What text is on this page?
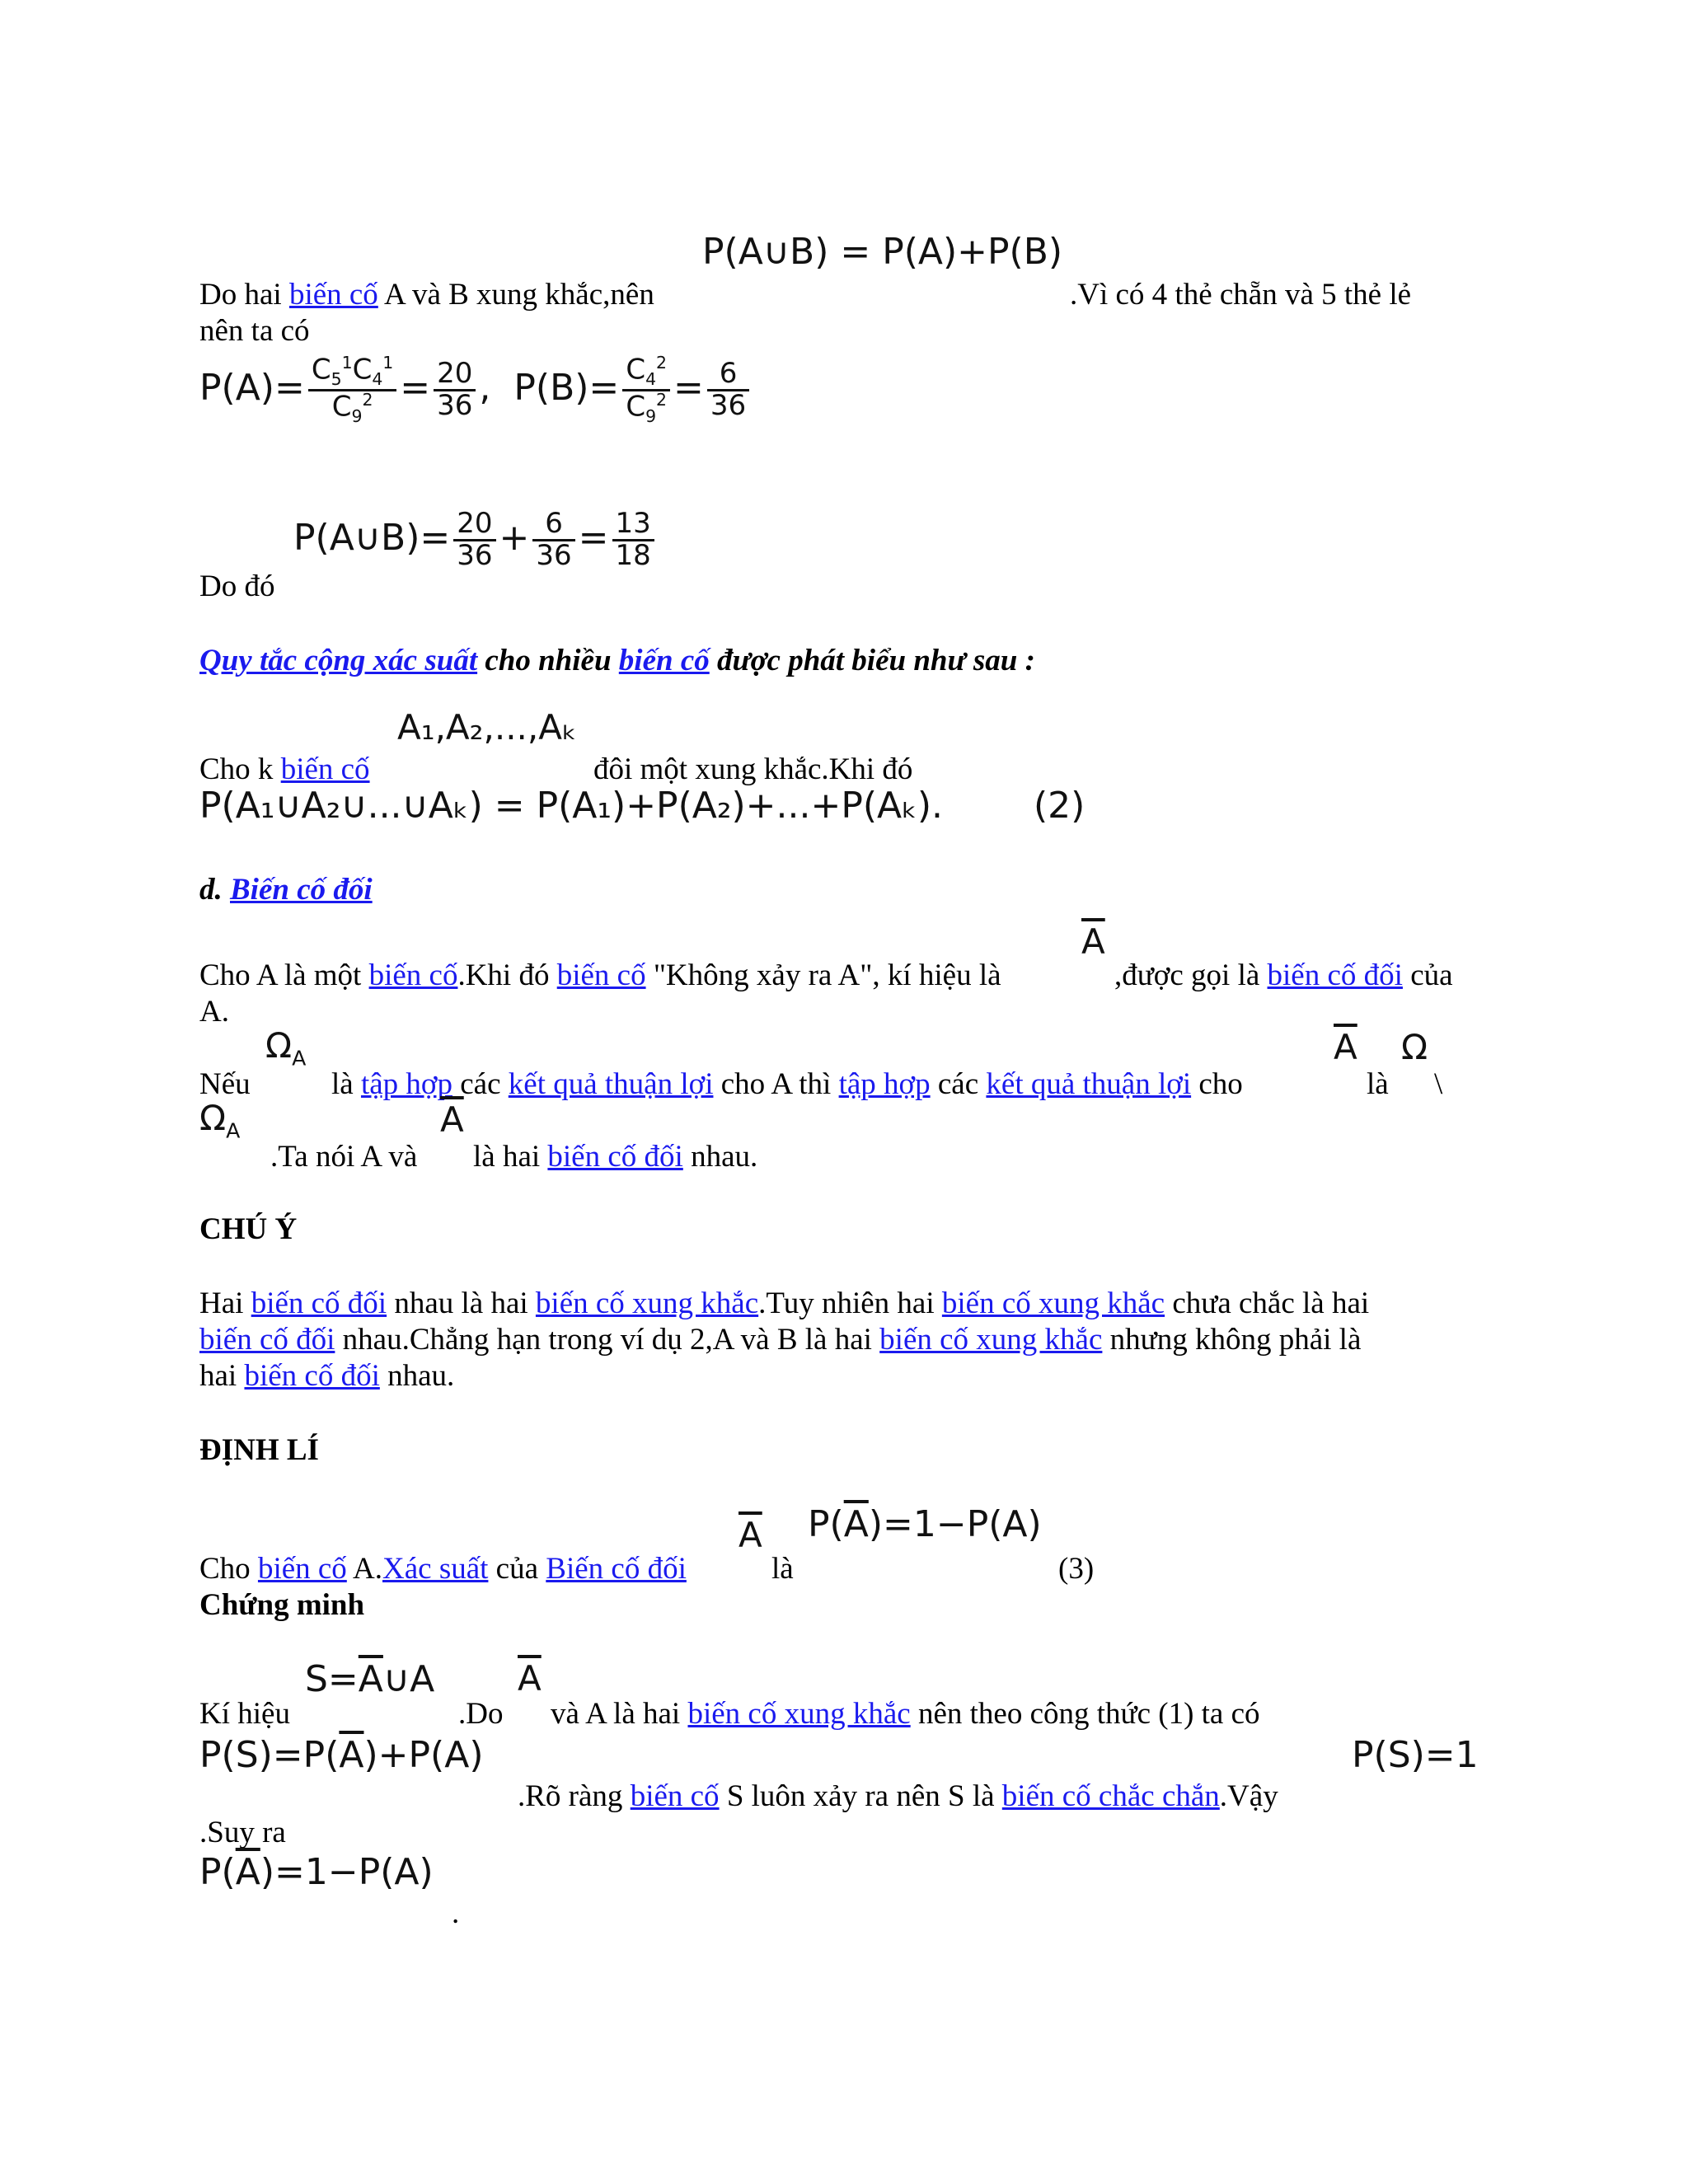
P(A∪B) = P(A)+P(B)
Do hai biến cố A và B xung khắc,nên	.Vì có 4 thẻ chẵn và 5 thẻ lẻ
nên ta có
$P(A)= \frac{C_5^1C_4^1}{C_9^2} = \frac{20}{36}$ ,  $P(B)= \frac{C_4^2}{C_9^2} = \frac{6}{36}$
P(A∪B)= $\frac{20}{36} + \frac{6}{36} = \frac{13}{18}$
Do đó
Quy tắc cộng xác suất cho nhiều biến cố được phát biểu như sau :
A₁,A₂,...,Aₖ
Cho k biến cố	đôi một xung khắc.Khi đó
P(A₁∪A₂∪...∪Aₖ) = P(A₁)+P(A₂)+...+P(Aₖ). (2)
d. Biến cố đối
$\overline{A}$
Cho A là một biến cố.Khi đó biến cố "Không xảy ra A", kí hiệu là	,được gọi là biến cố đối của
A.
$\Omega_A$	$\overline{A}$ Ω
Nếu	là tập hợp các kết quả thuận lợi cho A thì tập hợp các kết quả thuận lợi cho	là \
$\Omega_A$	$\overline{A}$
.Ta nói A và là hai biến cố đối nhau.
CHÚ Ý
Hai biến cố đối nhau là hai biến cố xung khắc.Tuy nhiên hai biến cố xung khắc chưa chắc là hai
biến cố đối nhau.Chẳng hạn trong ví dụ 2,A và B là hai biến cố xung khắc nhưng không phải là
hai biến cố đối nhau.
ĐỊNH LÍ
$\overline{A}$ $P(\overline{A})=1-P(A)$
Cho biến cố A.Xác suất của Biến cố đối	là	(3)
Chứng minh
$S=\overline{A}\cup A$ $\overline{A}$
Kí hiệu	.Do và A là hai biến cố xung khắc nên theo công thức (1) ta có
$P(S)=P(\overline{A})+P(A)$	P(S)=1
.Rõ ràng biến cố S luôn xảy ra nên S là biến cố chắc chắn.Vậy
.Suy ra
$P(\overline{A})=1-P(A)$
.
